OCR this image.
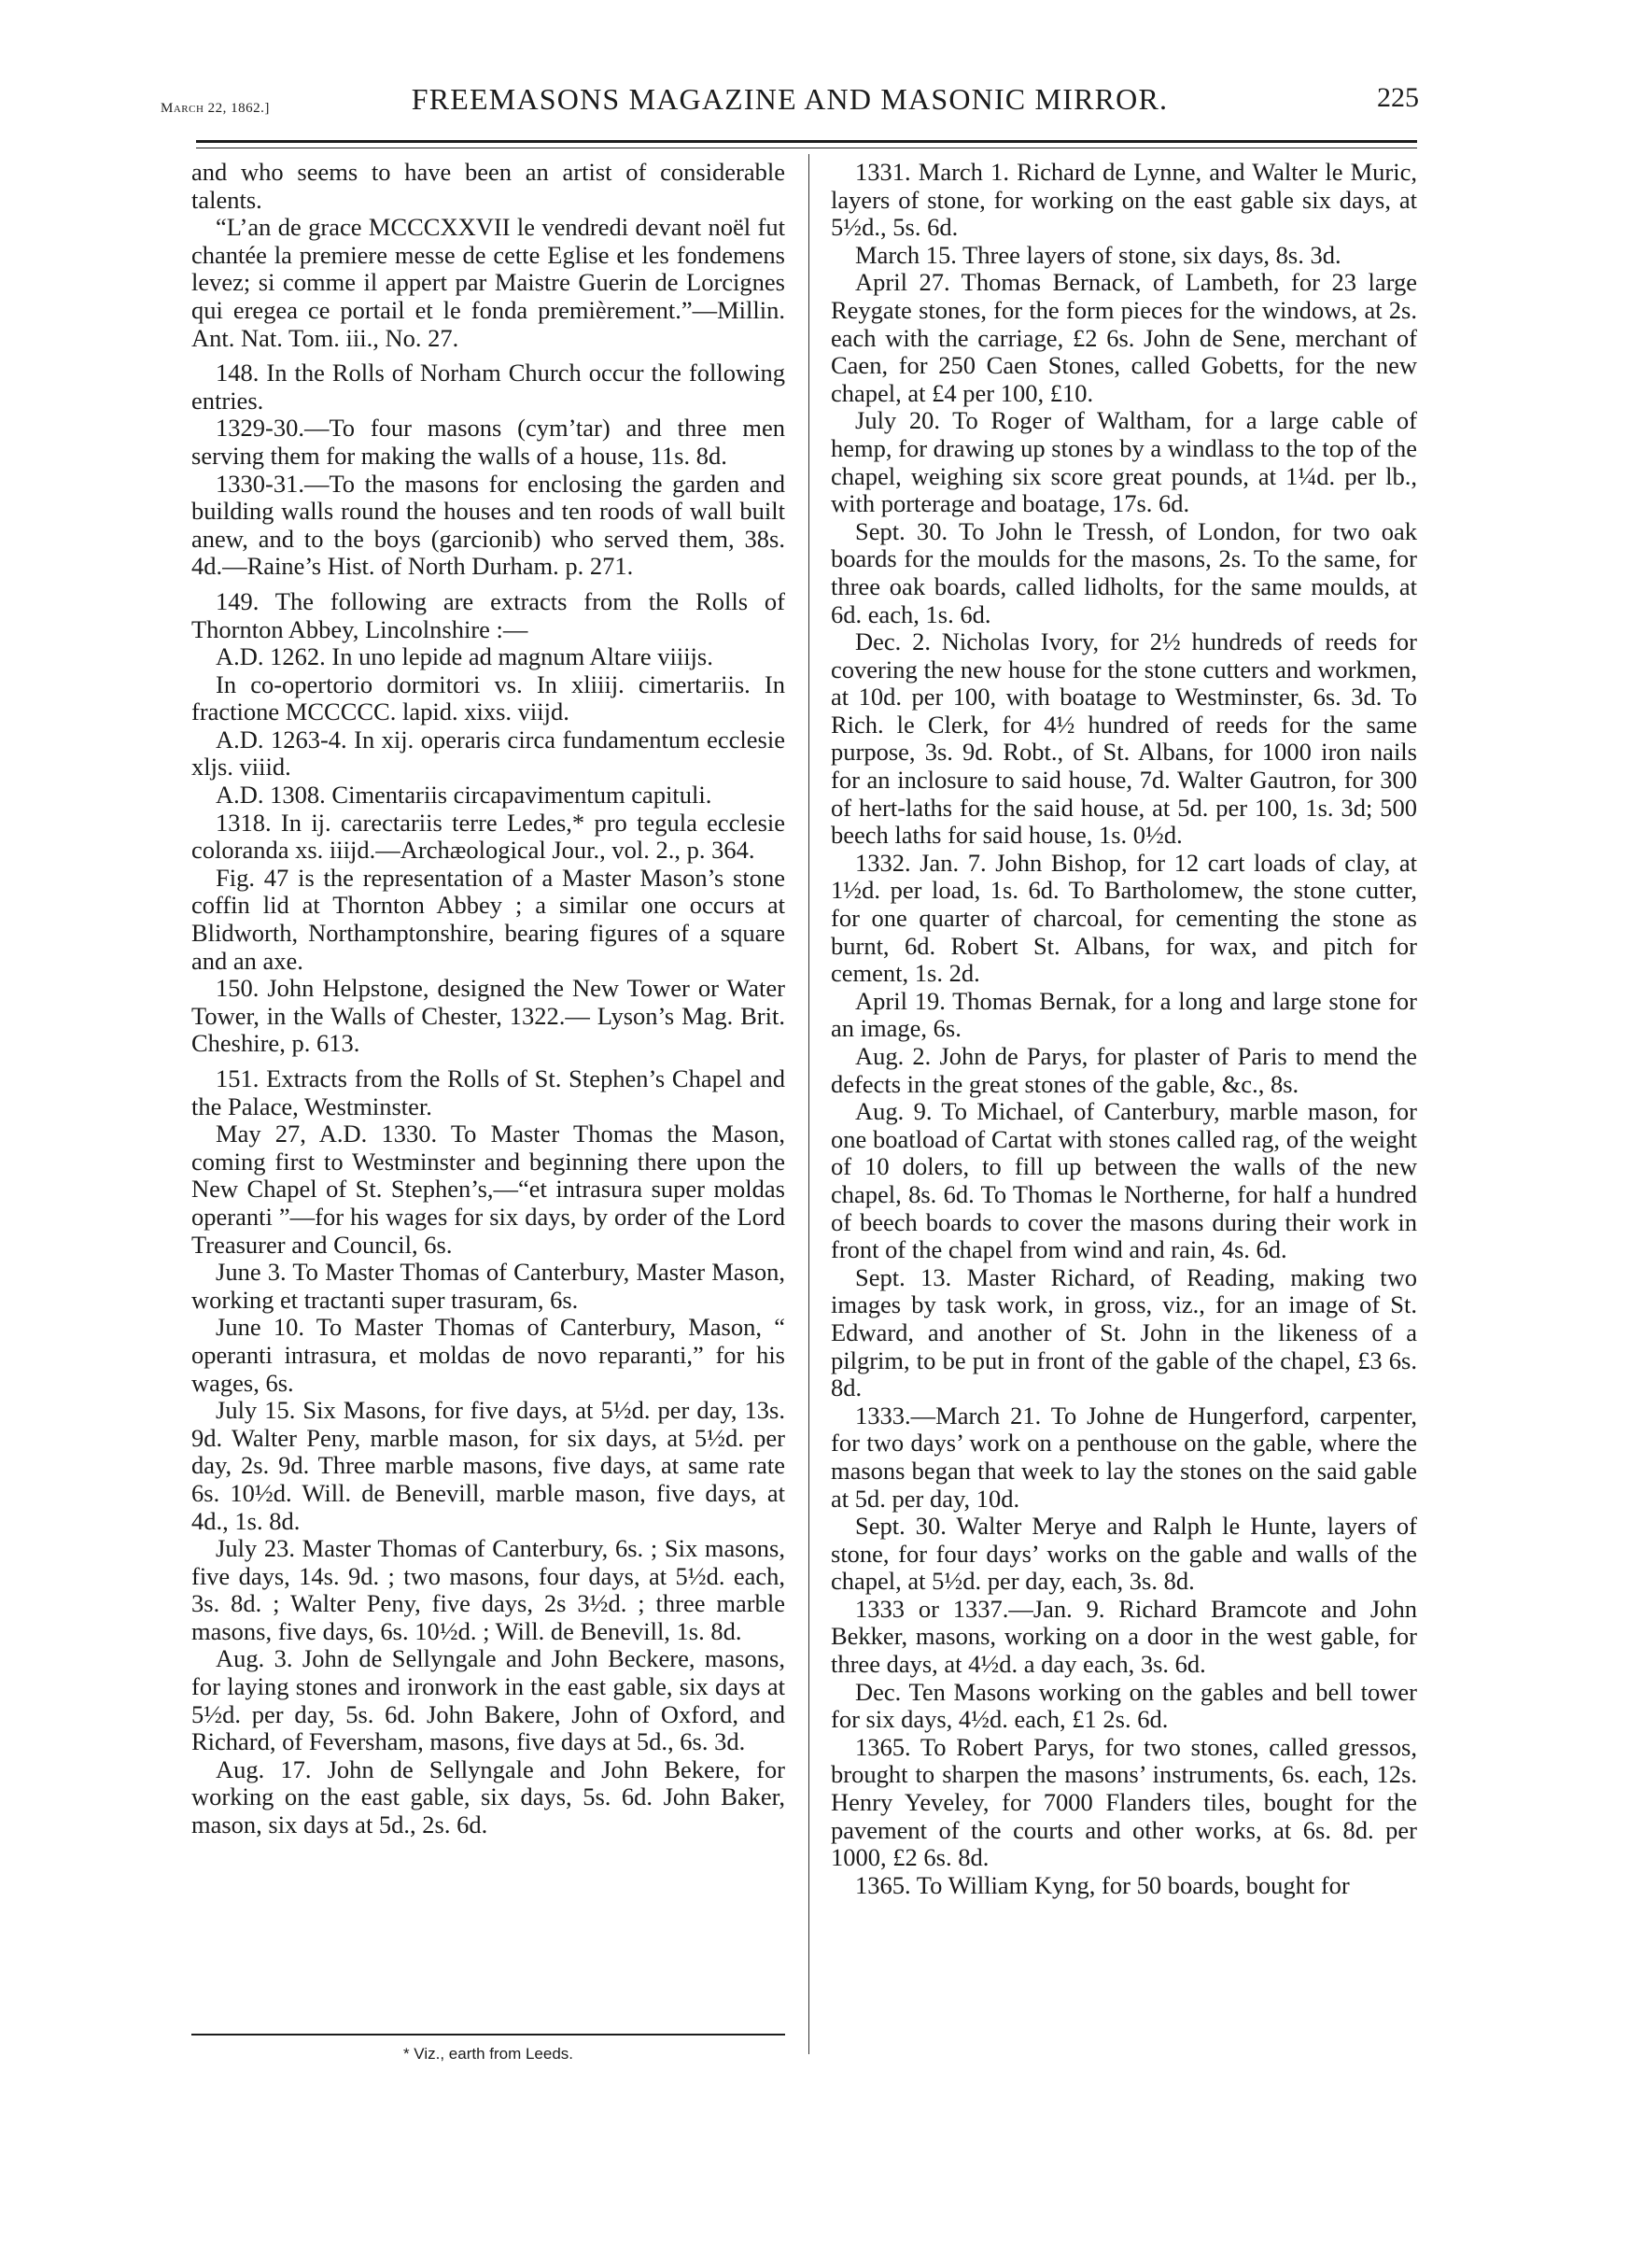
March 22, 1862.]	FREEMASONS MAGAZINE AND MASONIC MIRROR.	225

and who seems to have been an artist of considerable talents.

“L’an de grace MCCCXXVII le vendredi devant noël fut chantée la premiere messe de cette Eglise et les fondemens levez; si comme il appert par Maistre Guerin de Lorcignes qui eregea ce portail et le fonda premièrement.”—Millin. Ant. Nat. Tom. iii., No. 27.

148. In the Rolls of Norham Church occur the following entries.

1329-30.—To four masons (cym’tar) and three men serving them for making the walls of a house, 11s. 8d.

1330-31.—To the masons for enclosing the garden and building walls round the houses and ten roods of wall built anew, and to the boys (garcionib) who served them, 38s. 4d.—Raine’s Hist. of North Durham. p. 271.

149. The following are extracts from the Rolls of Thornton Abbey, Lincolnshire :—

A.D. 1262. In uno lepide ad magnum Altare viiijs.

In co-opertorio dormitori vs. In xliiij. cimertariis. In fractione MCCCCC. lapid. xixs. viijd.

A.D. 1263-4. In xij. operaris circa fundamentum ecclesie xljs. viiid.

A.D. 1308. Cimentariis circapavimentum capituli.

1318. In ij. carectariis terre Ledes,* pro tegula ecclesie coloranda xs. iiijd.—Archæological Jour., vol. 2., p. 364.

Fig. 47 is the representation of a Master Mason’s stone coffin lid at Thornton Abbey ; a similar one occurs at Blidworth, Northamptonshire, bearing figures of a square and an axe.

150. John Helpstone, designed the New Tower or Water Tower, in the Walls of Chester, 1322.— Lyson’s Mag. Brit. Cheshire, p. 613.

151. Extracts from the Rolls of St. Stephen’s Chapel and the Palace, Westminster.

May 27, A.D. 1330. To Master Thomas the Mason, coming first to Westminster and beginning there upon the New Chapel of St. Stephen’s,—“et intrasura super moldas operanti ”—for his wages for six days, by order of the Lord Treasurer and Council, 6s.

June 3. To Master Thomas of Canterbury, Master Mason, working et tractanti super trasuram, 6s.

June 10. To Master Thomas of Canterbury, Mason, “ operanti intrasura, et moldas de novo reparanti,” for his wages, 6s.

July 15. Six Masons, for five days, at 5½d. per day, 13s. 9d. Walter Peny, marble mason, for six days, at 5½d. per day, 2s. 9d. Three marble masons, five days, at same rate 6s. 10½d. Will. de Benevill, marble mason, five days, at 4d., 1s. 8d.

July 23. Master Thomas of Canterbury, 6s. ; Six masons, five days, 14s. 9d. ; two masons, four days, at 5½d. each, 3s. 8d. ; Walter Peny, five days, 2s 3½d. ; three marble masons, five days, 6s. 10½d. ; Will. de Benevill, 1s. 8d.

Aug. 3. John de Sellyngale and John Beckere, masons, for laying stones and ironwork in the east gable, six days at 5½d. per day, 5s. 6d. John Bakere, John of Oxford, and Richard, of Feversham, masons, five days at 5d., 6s. 3d.

Aug. 17. John de Sellyngale and John Bekere, for working on the east gable, six days, 5s. 6d. John Baker, mason, six days at 5d., 2s. 6d.

1331. March 1. Richard de Lynne, and Walter le Muric, layers of stone, for working on the east gable six days, at 5½d., 5s. 6d.

March 15. Three layers of stone, six days, 8s. 3d.

April 27. Thomas Bernack, of Lambeth, for 23 large Reygate stones, for the form pieces for the windows, at 2s. each with the carriage, £2 6s. John de Sene, merchant of Caen, for 250 Caen Stones, called Gobetts, for the new chapel, at £4 per 100, £10.

July 20. To Roger of Waltham, for a large cable of hemp, for drawing up stones by a windlass to the top of the chapel, weighing six score great pounds, at 1¼d. per lb., with porterage and boatage, 17s. 6d.

Sept. 30. To John le Tressh, of London, for two oak boards for the moulds for the masons, 2s. To the same, for three oak boards, called lidholts, for the same moulds, at 6d. each, 1s. 6d.

Dec. 2. Nicholas Ivory, for 2½ hundreds of reeds for covering the new house for the stone cutters and workmen, at 10d. per 100, with boatage to Westminster, 6s. 3d. To Rich. le Clerk, for 4½ hundred of reeds for the same purpose, 3s. 9d. Robt., of St. Albans, for 1000 iron nails for an inclosure to said house, 7d. Walter Gautron, for 300 of hert-laths for the said house, at 5d. per 100, 1s. 3d; 500 beech laths for said house, 1s. 0½d.

1332. Jan. 7. John Bishop, for 12 cart loads of clay, at 1½d. per load, 1s. 6d. To Bartholomew, the stone cutter, for one quarter of charcoal, for cementing the stone as burnt, 6d. Robert St. Albans, for wax, and pitch for cement, 1s. 2d.

April 19. Thomas Bernak, for a long and large stone for an image, 6s.

Aug. 2. John de Parys, for plaster of Paris to mend the defects in the great stones of the gable, &c., 8s.

Aug. 9. To Michael, of Canterbury, marble mason, for one boatload of Cartat with stones called rag, of the weight of 10 dolers, to fill up between the walls of the new chapel, 8s. 6d. To Thomas le Northerne, for half a hundred of beech boards to cover the masons during their work in front of the chapel from wind and rain, 4s. 6d.

Sept. 13. Master Richard, of Reading, making two images by task work, in gross, viz., for an image of St. Edward, and another of St. John in the likeness of a pilgrim, to be put in front of the gable of the chapel, £3 6s. 8d.

1333.—March 21. To Johne de Hungerford, carpenter, for two days’ work on a penthouse on the gable, where the masons began that week to lay the stones on the said gable at 5d. per day, 10d.

Sept. 30. Walter Merye and Ralph le Hunte, layers of stone, for four days’ works on the gable and walls of the chapel, at 5½d. per day, each, 3s. 8d.

1333 or 1337.—Jan. 9. Richard Bramcote and John Bekker, masons, working on a door in the west gable, for three days, at 4½d. a day each, 3s. 6d.

Dec. Ten Masons working on the gables and bell tower for six days, 4½d. each, £1 2s. 6d.

1365. To Robert Parys, for two stones, called gressos, brought to sharpen the masons’ instruments, 6s. each, 12s. Henry Yeveley, for 7000 Flanders tiles, bought for the pavement of the courts and other works, at 6s. 8d. per 1000, £2 6s. 8d.

1365. To William Kyng, for 50 boards, bought for

* Viz., earth from Leeds.
